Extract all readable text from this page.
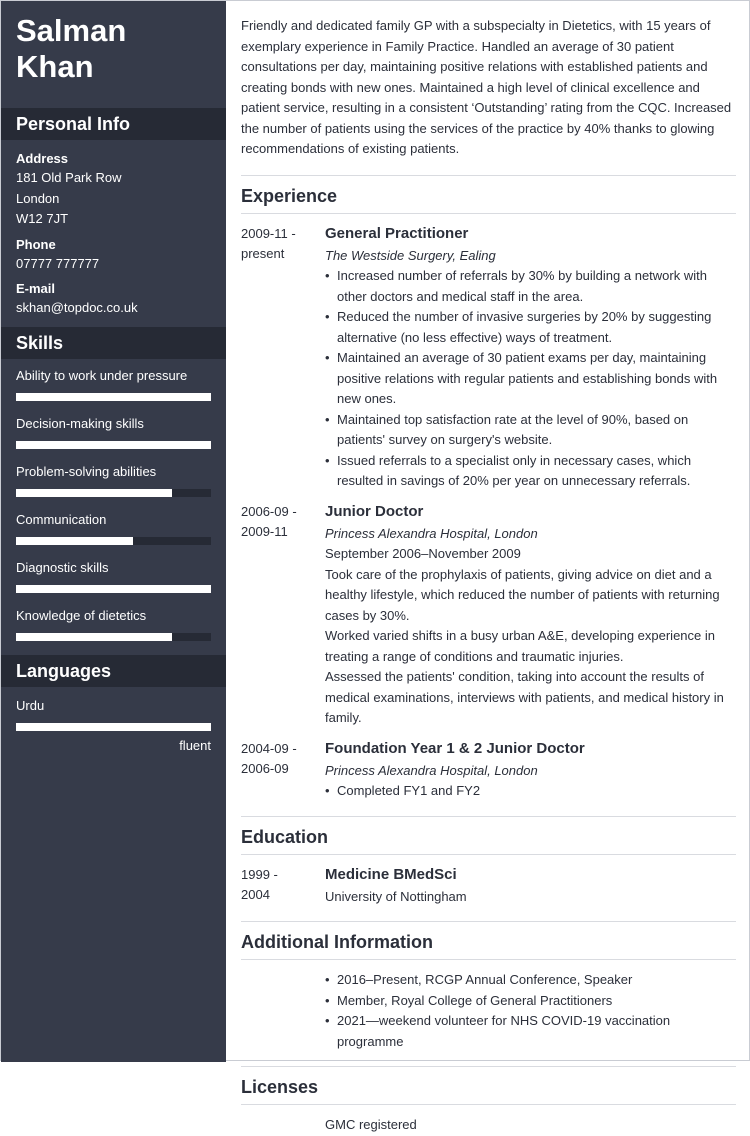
Salman
Khan
Personal Info
Address
181 Old Park Row
London
W12 7JT
Phone
07777 777777
E-mail
skhan@topdoc.co.uk
Skills
Ability to work under pressure
Decision-making skills
Problem-solving abilities
Communication
Diagnostic skills
Knowledge of dietetics
Languages
Urdu
fluent
Friendly and dedicated family GP with a subspecialty in Dietetics, with 15 years of exemplary experience in Family Practice. Handled an average of 30 patient consultations per day, maintaining positive relations with established patients and creating bonds with new ones. Maintained a high level of clinical excellence and patient service, resulting in a consistent ‘Outstanding’ rating from the CQC. Increased the number of patients using the services of the practice by 40% thanks to glowing recommendations of existing patients.
Experience
2009-11 -
present
General Practitioner
The Westside Surgery, Ealing
• Increased number of referrals by 30% by building a network with other doctors and medical staff in the area.
• Reduced the number of invasive surgeries by 20% by suggesting alternative (no less effective) ways of treatment.
• Maintained an average of 30 patient exams per day, maintaining positive relations with regular patients and establishing bonds with new ones.
• Maintained top satisfaction rate at the level of 90%, based on patients' survey on surgery's website.
• Issued referrals to a specialist only in necessary cases, which resulted in savings of 20% per year on unnecessary referrals.
2006-09 -
2009-11
Junior Doctor
Princess Alexandra Hospital, London
September 2006–November 2009
Took care of the prophylaxis of patients, giving advice on diet and a healthy lifestyle, which reduced the number of patients with returning cases by 30%.
Worked varied shifts in a busy urban A&E, developing experience in treating a range of conditions and traumatic injuries.
Assessed the patients' condition, taking into account the results of medical examinations, interviews with patients, and medical history in family.
2004-09 -
2006-09
Foundation Year 1 & 2 Junior Doctor
Princess Alexandra Hospital, London
• Completed FY1 and FY2
Education
1999 -
2004
Medicine BMedSci
University of Nottingham
Additional Information
• 2016–Present, RCGP Annual Conference, Speaker
• Member, Royal College of General Practitioners
• 2021—weekend volunteer for NHS COVID-19 vaccination programme
Licenses
GMC registered
